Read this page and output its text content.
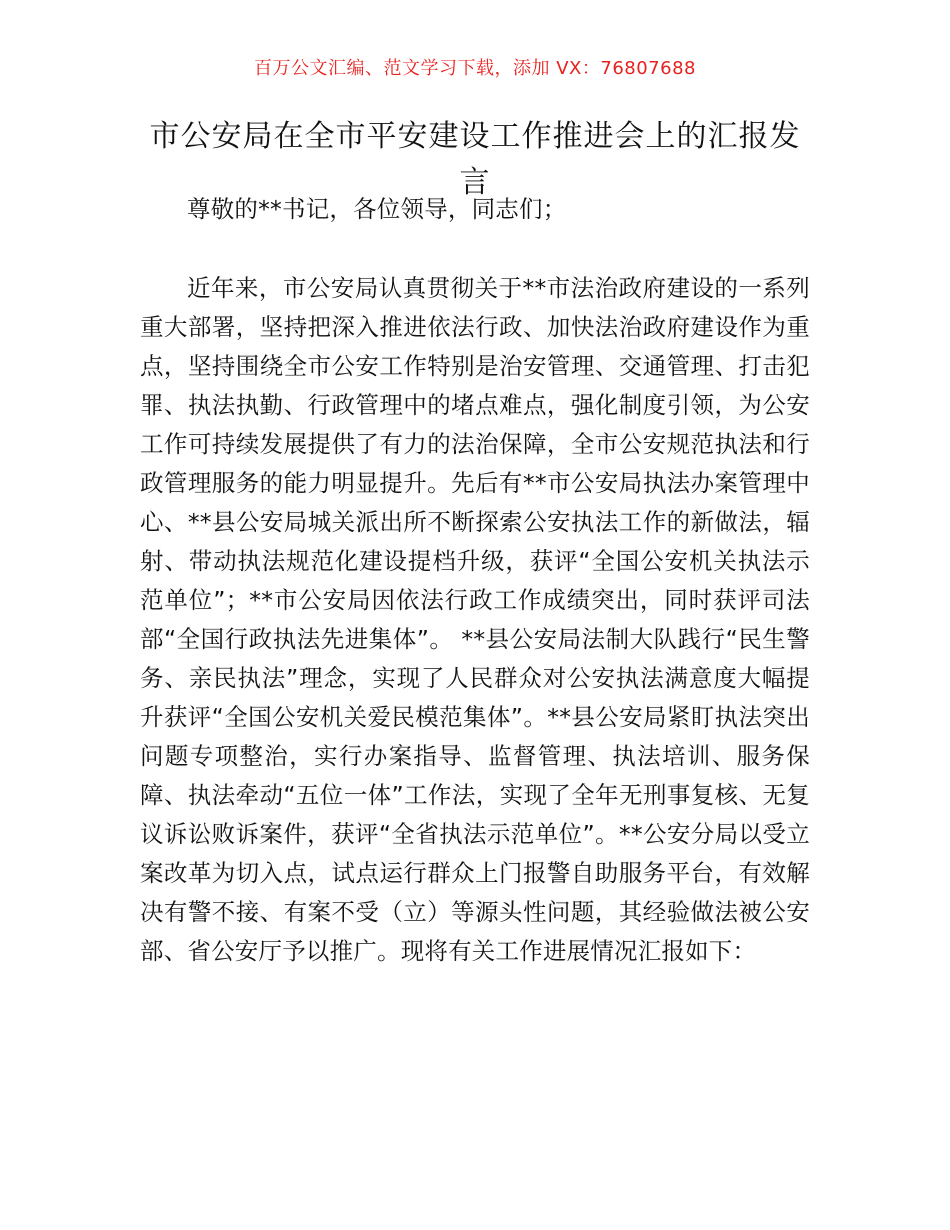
百万公文汇编、范文学习下载，添加 VX：76807688
市公安局在全市平安建设工作推进会上的汇报发言

尊敬的**书记，各位领导，同志们；

近年来，市公安局认真贯彻关于**市法治政府建设的一系列重大部署，坚持把深入推进依法行政、加快法治政府建设作为重点，坚持围绕全市公安工作特别是治安管理、交通管理、打击犯罪、执法执勤、行政管理中的堵点难点，强化制度引领，为公安工作可持续发展提供了有力的法治保障，全市公安规范执法和行政管理服务的能力明显提升。先后有**市公安局执法办案管理中心、**县公安局城关派出所不断探索公安执法工作的新做法，辐射、带动执法规范化建设提档升级，获评“全国公安机关执法示范单位”；**市公安局因依法行政工作成绩突出，同时获评司法部“全国行政执法先进集体”。 **县公安局法制大队践行“民生警务、亲民执法”理念，实现了人民群众对公安执法满意度大幅提升获评“全国公安机关爱民模范集体”。**县公安局紧盯执法突出问题专项整治，实行办案指导、监督管理、执法培训、服务保障、执法牵动“五位一体”工作法，实现了全年无刑事复核、无复议诉讼败诉案件，获评“全省执法示范单位”。**公安分局以受立案改革为切入点，试点运行群众上门报警自助服务平台，有效解决有警不接、有案不受（立）等源头性问题，其经验做法被公安部、省公安厅予以推广。现将有关工作进展情况汇报如下：
